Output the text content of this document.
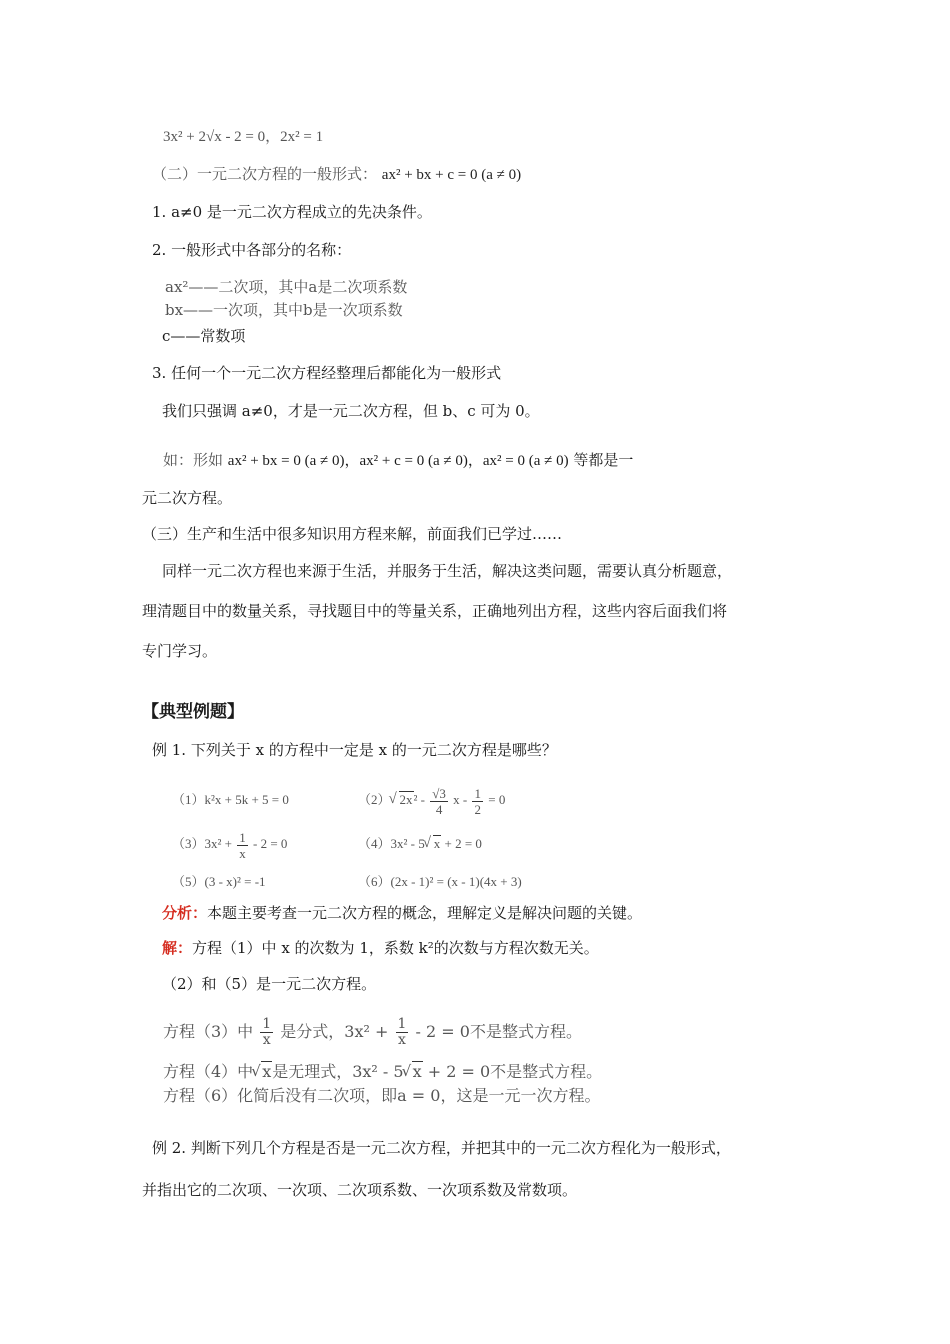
3x² + 2√x - 2 = 0，2x² = 1
（二）一元二次方程的一般形式： ax² + bx + c = 0 (a ≠ 0)
1. a≠0 是一元二次方程成立的先决条件。
2. 一般形式中各部分的名称：
ax²——二次项，其中a是二次项系数
bx——一次项，其中b是一次项系数
c——常数项
3. 任何一个一元二次方程经整理后都能化为一般形式
我们只强调 a≠0，才是一元二次方程，但 b、c 可为 0。
如：形如 ax² + bx = 0 (a ≠ 0)，ax² + c = 0 (a ≠ 0)，ax² = 0 (a ≠ 0) 等都是一
元二次方程。
（三）生产和生活中很多知识用方程来解，前面我们已学过……
同样一元二次方程也来源于生活，并服务于生活，解决这类问题，需要认真分析题意，
理清题目中的数量关系，寻找题目中的等量关系，正确地列出方程，这些内容后面我们将
专门学习。
【典型例题】
例 1. 下列关于 x 的方程中一定是 x 的一元二次方程是哪些？
（1）k²x + 5k + 5 = 0	（2） √ $2x^2 - \frac{√3}{4}$ $x - \frac{1}{2} = 0$
$(3)3x^2 + \frac{1}{x} - 2 = 0$	（4）3x² - 5 √ x + 2 = 0
（5）(3 - x)² = -1	（6）(2x - 1)² = (x - 1)(4x + 3)
分析：本题主要考查一元二次方程的概念，理解定义是解决问题的关键。
解：方程（1）中 x 的次数为 1，系数 k²的次数与方程次数无关。
（2）和（5）是一元二次方程。
方程（3）中 $\frac{1}{x}$ 是分式，$3x^2 + \frac{1}{x} - 2 = 0$不是整式方程。
方程（4）中 √ x是无理式，3x² - 5 √ x + 2 = 0不是整式方程。
方程（6）化简后没有二次项，即a = 0，这是一元一次方程。
例 2. 判断下列几个方程是否是一元二次方程，并把其中的一元二次方程化为一般形式，
并指出它的二次项、一次项、二次项系数、一次项系数及常数项。
